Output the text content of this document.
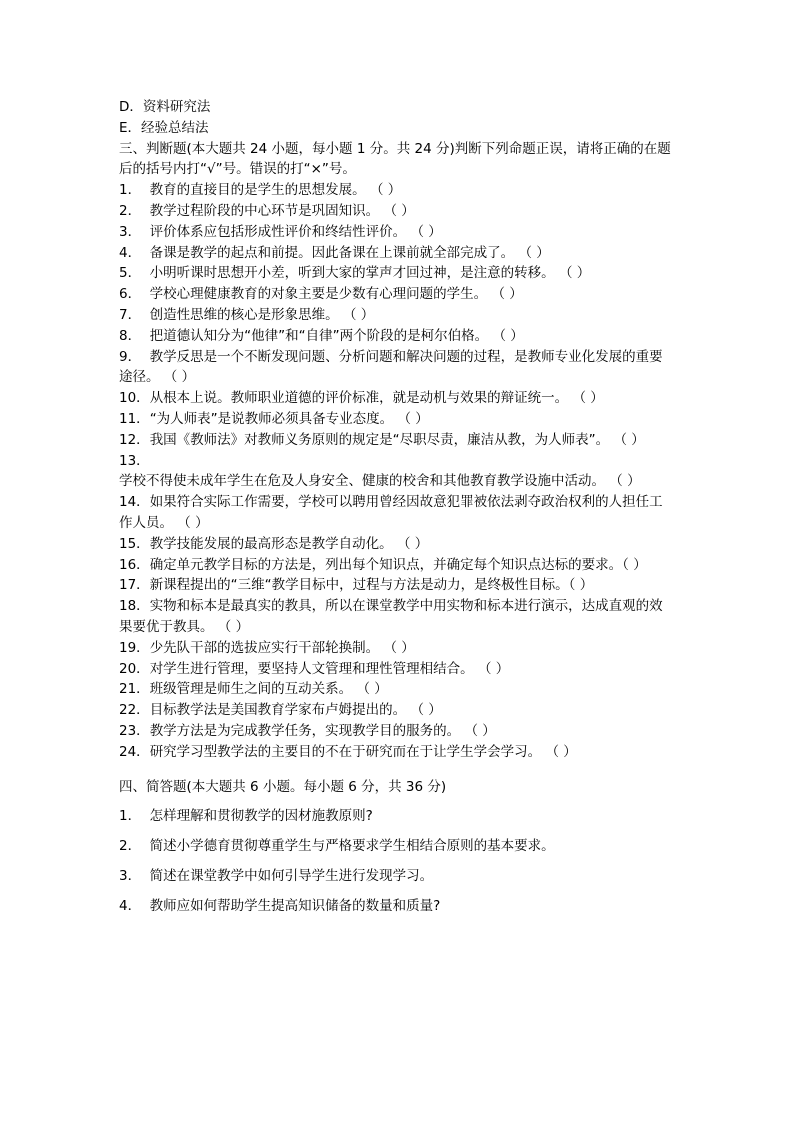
D．资料研究法

E．经验总结法

三、判断题(本大题共 24 小题，每小题 1 分。共 24 分)判断下列命题正误，请将正确的在题后的括号内打“√”号。错误的打“×”号。

1．  教育的直接目的是学生的思想发展。 （ ）

2．  教学过程阶段的中心环节是巩固知识。 （ ）

3．  评价体系应包括形成性评价和终结性评价。 （ ）

4．  备课是教学的起点和前提。因此备课在上课前就全部完成了。 （ ）

5．  小明听课时思想开小差，听到大家的掌声才回过神，是注意的转移。 （ ）

6．  学校心理健康教育的对象主要是少数有心理问题的学生。 （ ）

7．  创造性思维的核心是形象思维。 （ ）

8．  把道德认知分为“他律”和“自律”两个阶段的是柯尔伯格。 （ ）

9．  教学反思是一个不断发现问题、分析问题和解决问题的过程，是教师专业化发展的重要途径。 （ ）

10．从根本上说。教师职业道德的评价标准，就是动机与效果的辩证统一。 （ ）

11．“为人师表”是说教师必须具备专业态度。 （ ）

12．我国《教师法》对教师义务原则的规定是“尽职尽责，廉洁从教，为人师表”。 （ ）

13．学校不得使未成年学生在危及人身安全、健康的校舍和其他教育教学设施中活动。 （ ）

14．如果符合实际工作需要，学校可以聘用曾经因故意犯罪被依法剥夺政治权利的人担任工作人员。 （ ）

15．教学技能发展的最高形态是教学自动化。 （ ）

16．确定单元教学目标的方法是，列出每个知识点，并确定每个知识点达标的要求。（ ）

17．新课程提出的“三维“教学目标中，过程与方法是动力，是终极性目标。（ ）

18．实物和标本是最真实的教具，所以在课堂教学中用实物和标本进行演示，达成直观的效果要优于教具。 （ ）

19．少先队干部的选拔应实行干部轮换制。 （ ）

20．对学生进行管理，要坚持人文管理和理性管理相结合。 （ ）

21．班级管理是师生之间的互动关系。 （ ）

22．目标教学法是美国教育学家布卢姆提出的。 （ ）

23．教学方法是为完成教学任务，实现教学目的服务的。 （ ）

24．研究学习型教学法的主要目的不在于研究而在于让学生学会学习。 （ ）

四、简答题(本大题共 6 小题。每小题 6 分，共 36 分)

1．  怎样理解和贯彻教学的因材施教原则?

2．  简述小学德育贯彻尊重学生与严格要求学生相结合原则的基本要求。

3．  简述在课堂教学中如何引导学生进行发现学习。

4．  教师应如何帮助学生提高知识储备的数量和质量?
